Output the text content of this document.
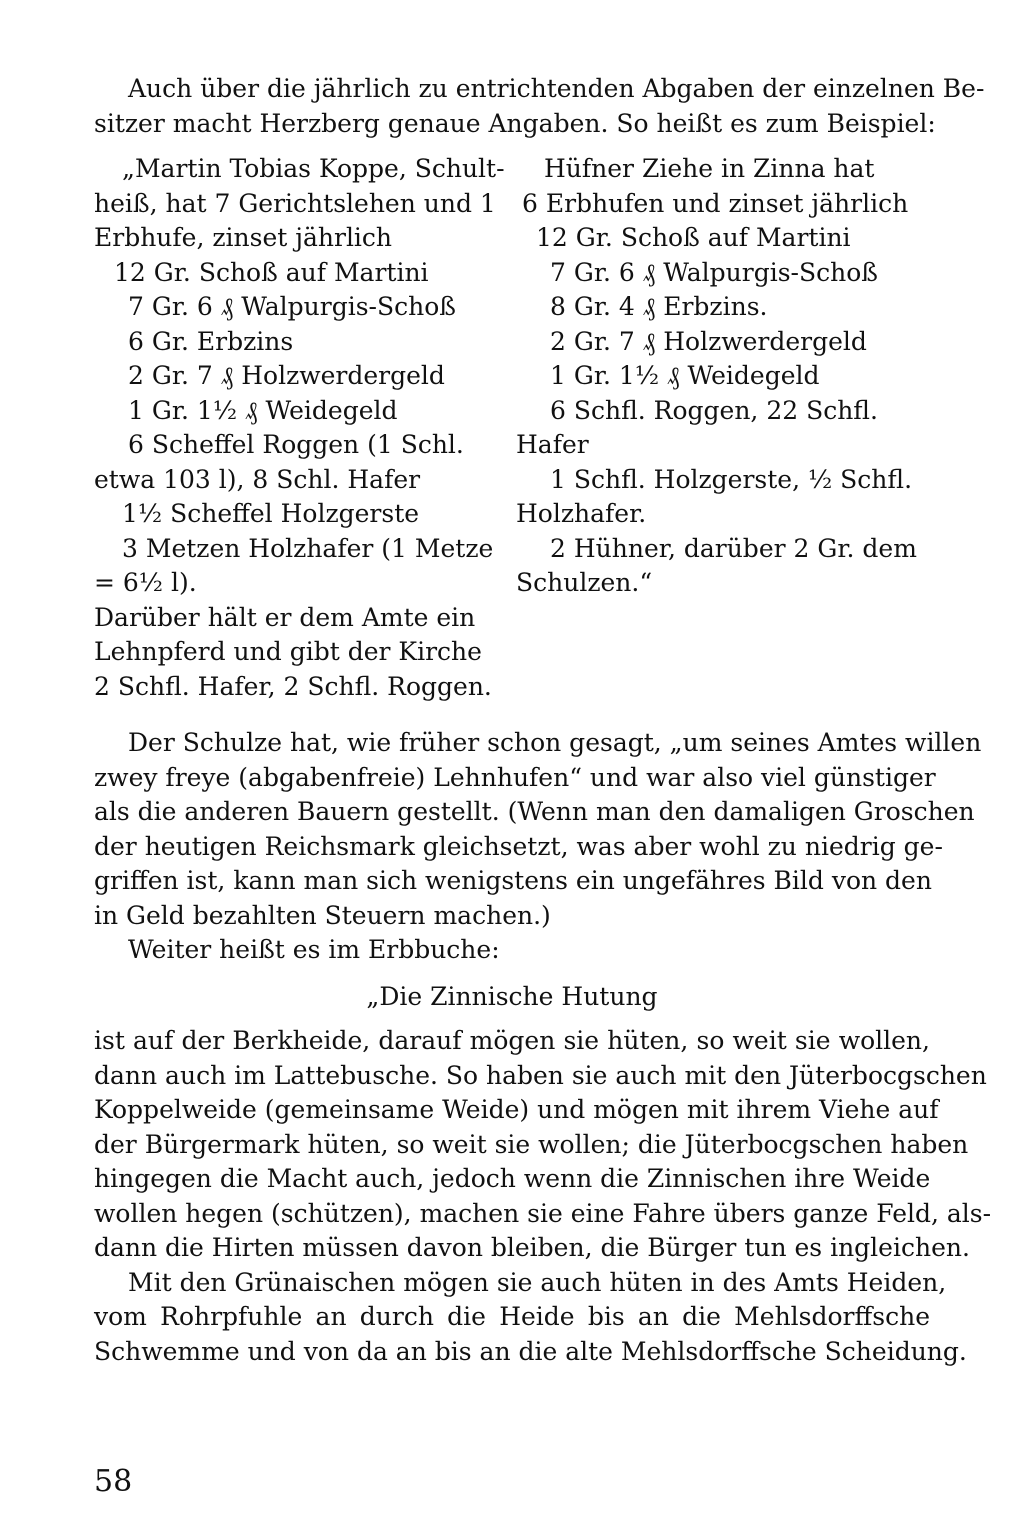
Auch über die jährlich zu entrichtenden Abgaben der einzelnen Be-
sitzer macht Herzberg genaue Angaben. So heißt es zum Beispiel:

„Martin Tobias Koppe, Schult-
heiß, hat 7 Gerichtslehen und 1
Erbhufe, zinset jährlich
12 Gr. Schoß auf Martini
7 Gr. 6 ₰ Walpurgis-Schoß
6 Gr. Erbzins
2 Gr. 7 ₰ Holzwerdergeld
1 Gr. 1½ ₰ Weidegeld
6 Scheffel Roggen (1 Schl.
etwa 103 l), 8 Schl. Hafer
1½ Scheffel Holzgerste
3 Metzen Holzhafer (1 Metze
= 6½ l).
Darüber hält er dem Amte ein
Lehnpferd und gibt der Kirche
2 Schfl. Hafer, 2 Schfl. Roggen.
Hüfner Ziehe in Zinna hat
6 Erbhufen und zinset jährlich
12 Gr. Schoß auf Martini
7 Gr. 6 ₰ Walpurgis-Schoß
8 Gr. 4 ₰ Erbzins.
2 Gr. 7 ₰ Holzwerdergeld
1 Gr. 1½ ₰ Weidegeld
6 Schfl. Roggen, 22 Schfl.
Hafer
1 Schfl. Holzgerste, ½ Schfl.
Holzhafer.
2 Hühner, darüber 2 Gr. dem
Schulzen.“

Der Schulze hat, wie früher schon gesagt, „um seines Amtes willen
zwey freye (abgabenfreie) Lehnhufen“ und war also viel günstiger
als die anderen Bauern gestellt. (Wenn man den damaligen Groschen
der heutigen Reichsmark gleichsetzt, was aber wohl zu niedrig ge-
griffen ist, kann man sich wenigstens ein ungefähres Bild von den
in Geld bezahlten Steuern machen.)
Weiter heißt es im Erbbuche:

„Die Zinnische Hutung

ist auf der Berkheide, darauf mögen sie hüten, so weit sie wollen,
dann auch im Lattebusche. So haben sie auch mit den Jüterbocgschen
Koppelweide (gemeinsame Weide) und mögen mit ihrem Viehe auf
der Bürgermark hüten, so weit sie wollen; die Jüterbocgschen haben
hingegen die Macht auch, jedoch wenn die Zinnischen ihre Weide
wollen hegen (schützen), machen sie eine Fahre übers ganze Feld, als-
dann die Hirten müssen davon bleiben, die Bürger tun es ingleichen.
Mit den Grünaischen mögen sie auch hüten in des Amts Heiden,
vom Rohrpfuhle an durch die Heide bis an die Mehlsdorffsche
Schwemme und von da an bis an die alte Mehlsdorffsche Scheidung.

58
